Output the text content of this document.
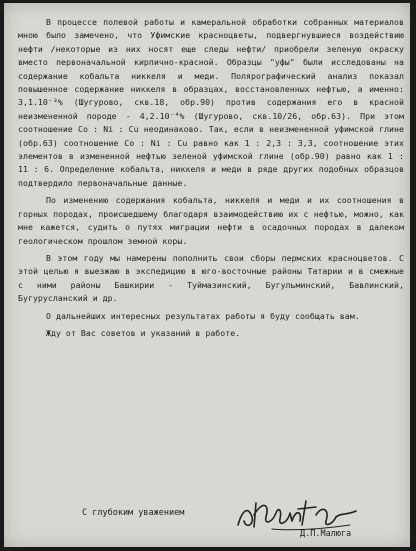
В процессе полевой работы и камеральной обработки собранных материалов мною было замечено, что Уфимские красноцветы, подвергнувшиеся воздействию нефти /некоторые из них носят еще следы нефти/ приобрели зеленую окраску вместо первоначальной кирпично-красной. Образцы "уфы" были исследованы на содержание кобальта никкеля и меди. Полярографический анализ показал повышенное содержание никкеля в образцах, восстановленных нефтью, а именно: 3,1.10⁻³% (Шугурово, скв.18, обр.90) против содержания его в красной неизмененной породе - 4,2.10⁻⁴% (Шугурово, скв.10/26, обр.63). При этом соотношение Co : Ni : Cu неодинаково. Так, если в неизмененной уфимской глине (обр.63) соотношение Co : Ni : Cu равно как 1 : 2,3 : 3,3, соотношение этих элементов в измененной нефтью зеленой уфимской глине (обр.90) равно как 1 : 11 : 6. Определение кобальта, никкеля и меди в ряде других подобных образцов подтвердило первоначальные данные.

По изменению содержания кобальта, никкеля и меди и их соотношения в горных породах, происшедшему благодаря взаимодействию их с нефтью, можно, как мне кажется, судить о путях миграции нефти в осадочных породах в далеком геологическом прошлом земной коры.

В этом году мы намерены пополнить свои сборы пермских красноцветов. С этой целью я выезжаю в экспедицию в юго-восточные районы Татарии и в смежные с ними районы Башкирии - Туймазинский, Бугульминский, Бавлинский, Бугурусланский и др.

О дальнейших интересных результатах работы я буду сообщать вам.

Жду от Вас советов и указаний в работе.

С глубоким уважением
Д.П.Малюга
